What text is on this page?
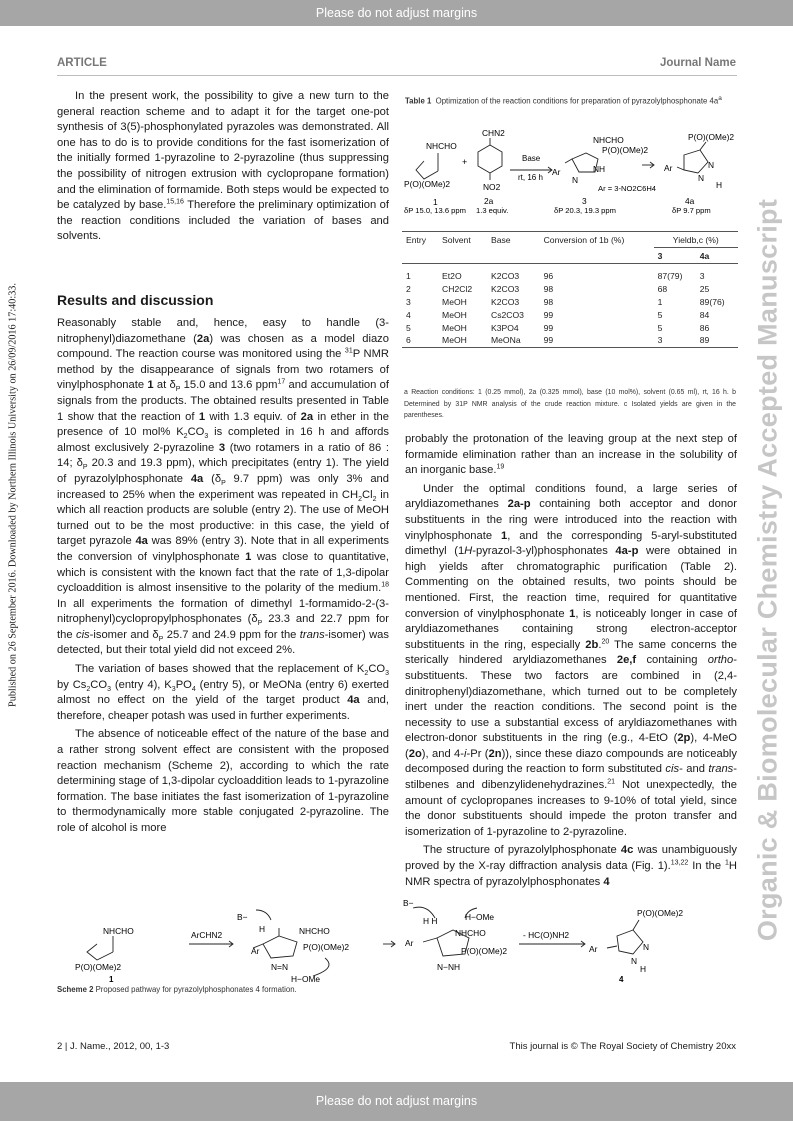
Please do not adjust margins
ARTICLE	Journal Name
Published on 26 September 2016. Downloaded by Northern Illinois University on 26/09/2016 17:40:33.	Organic & Biomolecular Chemistry Accepted Manuscript

In the present work, the possibility to give a new turn to the general reaction scheme and to adapt it for the target one-pot synthesis of 3(5)-phosphonylated pyrazoles was demonstrated. All one has to do is to provide conditions for the fast isomerization of the initially formed 1-pyrazoline to 2-pyrazoline (thus suppressing the possibility of nitrogen extrusion with cyclopropane formation) and the elimination of formamide. Both steps would be expected to be catalyzed by base.$^{15,16}$ Therefore the preliminary optimization of the reaction conditions included the variation of bases and solvents.

Results and discussion

Reasonably stable and, hence, easy to handle (3-nitrophenyl)diazomethane (2a) was chosen as a model diazo compound. The reaction course was monitored using the $^{31}$P NMR method by the disappearance of signals from two rotamers of vinylphosphonate 1 at $\delta_P$ 15.0 and 13.6 ppm$^{17}$ and accumulation of signals from the products. The obtained results presented in Table 1 show that the reaction of 1 with 1.3 equiv. of 2a in ether in the presence of 10 mol% $K_2CO_3$ is completed in 16 h and affords almost exclusively 2-pyrazoline 3 (two rotamers in a ratio of 86 : 14; $\delta_P$ 20.3 and 19.3 ppm), which precipitates (entry 1). The yield of pyrazolylphosphonate 4a ($\delta_P$ 9.7 ppm) was only 3% and increased to 25% when the experiment was repeated in $CH_2Cl_2$ in which all reaction products are soluble (entry 2). The use of MeOH turned out to be the most productive: in this case, the yield of target pyrazole 4a was 89% (entry 3). Note that in all experiments the conversion of vinylphosphonate 1 was close to quantitative, which is consistent with the known fact that the rate of 1,3-dipolar cycloaddition is almost insensitive to the polarity of the medium.$^{18}$ In all experiments the formation of dimethyl 1-formamido-2-(3-nitrophenyl)cyclopropylphosphonates ($\delta_P$ 23.3 and 22.7 ppm for the cis-isomer and $\delta_P$ 25.7 and 24.9 ppm for the trans-isomer) was detected, but their total yield did not exceed 2%.

The variation of bases showed that the replacement of $K_2CO_3$ by $Cs_2CO_3$ (entry 4), $K_3PO_4$ (entry 5), or MeONa (entry 6) exerted almost no effect on the yield of the target product 4a and, therefore, cheaper potash was used in further experiments.

The absence of noticeable effect of the nature of the base and a rather strong solvent effect are consistent with the proposed reaction mechanism (Scheme 2), according to which the rate determining stage of 1,3-dipolar cycloaddition leads to 1-pyrazoline formation. The base initiates the fast isomerization of 1-pyrazoline to thermodynamically more stable conjugated 2-pyrazoline. The role of alcohol is more

Table 1 Optimization of the reaction conditions for preparation of pyrazolylphosphonate $4a^a$
NHCHO
P(O)(OMe)2
1
δP 15.0, 13.6 ppm
+
CHN2
NO2
2a
1.3 equiv.
Base
rt, 16 h
NHCHO
P(O)(OMe)2
Ar
N
NH
3
δP 20.3, 19.3 ppm
Ar = 3-NO2C6H4
P(O)(OMe)2
Ar	N
N
H
4a
δP 9.7 ppm
Entry	Solvent	Base	Conversion of 1b (%)	Yieldb,c (%)	
				3	4a

1	Et2O	K2CO3	96	87(79)	3
2	CH2Cl2	K2CO3	98	68	25
3	MeOH	K2CO3	98	1	89(76)
4	MeOH	Cs2CO3	99	5	84
5	MeOH	K3PO4	99	5	86
6	MeOH	MeONa	99	3	89
a Reaction conditions: 1 (0.25 mmol), 2a (0.325 mmol), base (10 mol%), solvent (0.65 ml), rt, 16 h. b Determined by 31P NMR analysis of the crude reaction mixture. c Isolated yields are given in the parentheses.

probably the protonation of the leaving group at the next step of formamide elimination rather than an increase in the solubility of an inorganic base.$^{19}$

Under the optimal conditions found, a large series of aryldiazomethanes 2a-p containing both acceptor and donor substituents in the ring were introduced into the reaction with vinylphosphonate 1, and the corresponding 5-aryl-substituted dimethyl (1H-pyrazol-3-yl)phosphonates 4a-p were obtained in high yields after chromatographic purification (Table 2). Commenting on the obtained results, two points should be mentioned. First, the reaction time, required for quantitative conversion of vinylphosphonate 1, is noticeably longer in case of aryldiazomethanes containing strong electron-acceptor substituents in the ring, especially 2b.$^{20}$ The same concerns the sterically hindered aryldiazomethanes 2e,f containing ortho-substituents. These two factors are combined in (2,4-dinitrophenyl)diazomethane, which turned out to be completely inert under the reaction conditions. The second point is the necessity to use a substantial excess of aryldiazomethanes with electron-donor substituents in the ring (e.g., 4-EtO (2p), 4-MeO (2o), and 4-i-Pr (2n)), since these diazo compounds are noticeably decomposed during the reaction to form substituted cis- and trans-stilbenes and dibenzylidenehydrazines.$^{21}$ Not unexpectedly, the amount of cyclopropanes increases to 9-10% of total yield, since the donor substituents should impede the proton transfer and isomerization of 1-pyrazoline to 2-pyrazoline.

The structure of pyrazolylphosphonate 4c was unambiguously proved by the X-ray diffraction analysis data (Fig. 1).$^{13,22}$ In the $^1$H NMR spectra of pyrazolylphosphonates 4

NHCHO
P(O)(OMe)2
1
ArCHN2
B−
H	NHCHO
Ar	P(O)(OMe)2
N=N
H−OMe
B−
H H	H−OMe
NHCHO
Ar
P(O)(OMe)2
N−NH
- HC(O)NH2
P(O)(OMe)2
Ar	N
N
H
4
Scheme 2 Proposed pathway for pyrazolylphosphonates 4 formation.
2 | J. Name., 2012, 00, 1-3	This journal is © The Royal Society of Chemistry 20xx
Please do not adjust margins
